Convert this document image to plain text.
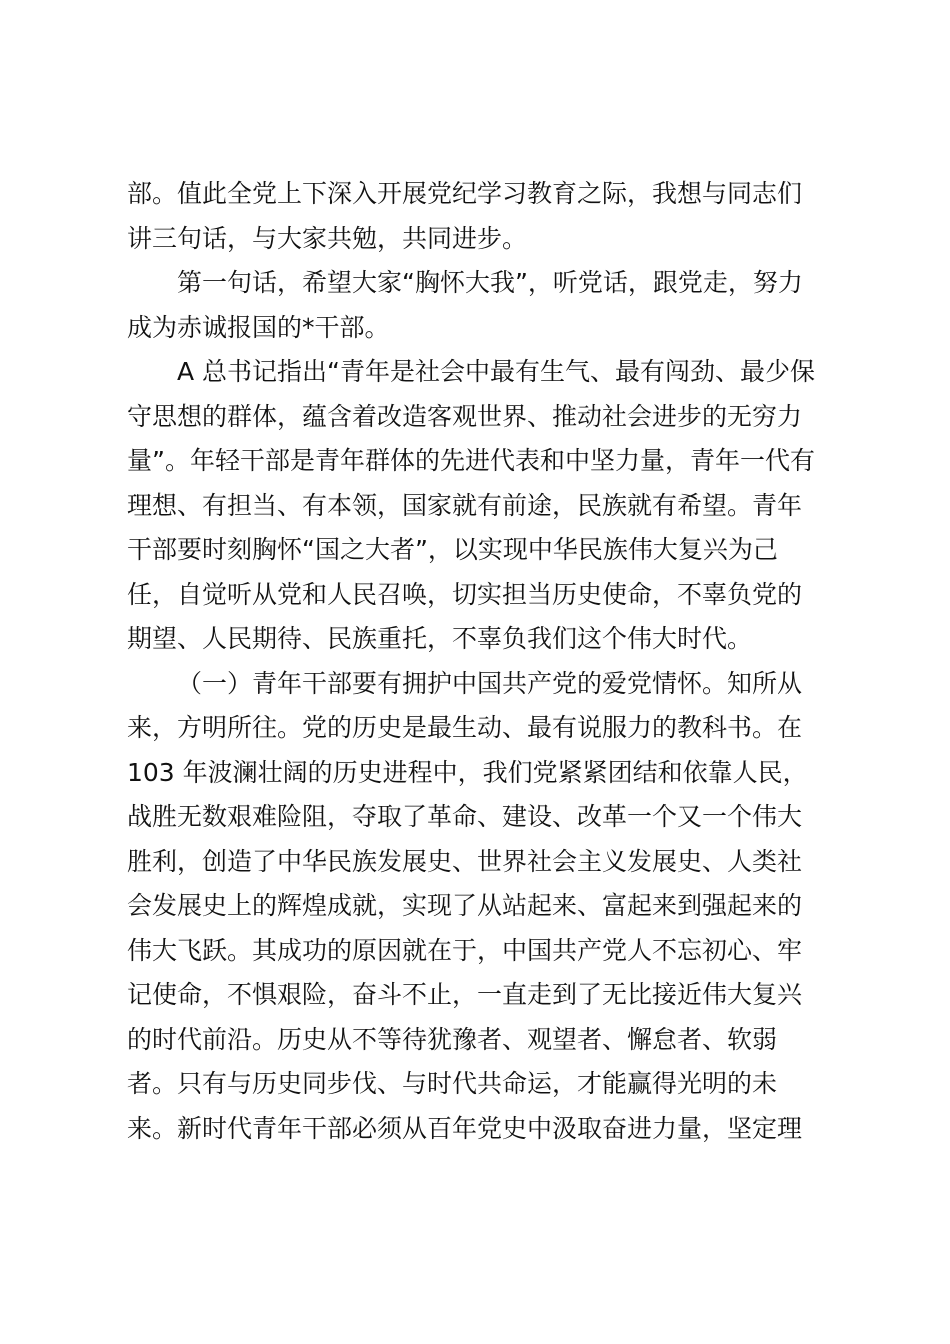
部。值此全党上下深入开展党纪学习教育之际，我想与同志们
讲三句话，与大家共勉，共同进步。
第一句话，希望大家“胸怀大我”，听党话，跟党走，努力
成为赤诚报国的*干部。
A 总书记指出“青年是社会中最有生气、最有闯劲、最少保
守思想的群体，蕴含着改造客观世界、推动社会进步的无穷力
量”。年轻干部是青年群体的先进代表和中坚力量，青年一代有
理想、有担当、有本领，国家就有前途，民族就有希望。青年
干部要时刻胸怀“国之大者”，以实现中华民族伟大复兴为己
任，自觉听从党和人民召唤，切实担当历史使命，不辜负党的
期望、人民期待、民族重托，不辜负我们这个伟大时代。
（一）青年干部要有拥护中国共产党的爱党情怀。知所从
来，方明所往。党的历史是最生动、最有说服力的教科书。在
103 年波澜壮阔的历史进程中，我们党紧紧团结和依靠人民，
战胜无数艰难险阻，夺取了革命、建设、改革一个又一个伟大
胜利，创造了中华民族发展史、世界社会主义发展史、人类社
会发展史上的辉煌成就，实现了从站起来、富起来到强起来的
伟大飞跃。其成功的原因就在于，中国共产党人不忘初心、牢
记使命，不惧艰险，奋斗不止，一直走到了无比接近伟大复兴
的时代前沿。历史从不等待犹豫者、观望者、懈怠者、软弱
者。只有与历史同步伐、与时代共命运，才能赢得光明的未
来。新时代青年干部必须从百年党史中汲取奋进力量，坚定理
